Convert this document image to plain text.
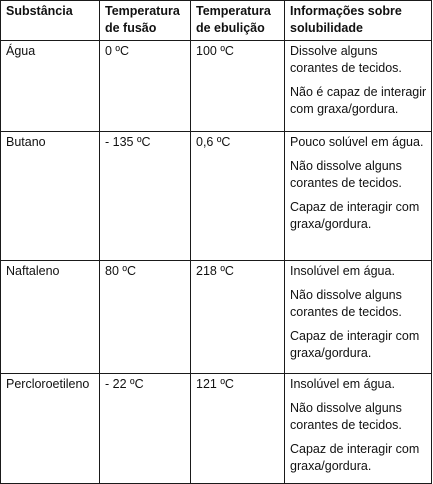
Substância	Temperatura de fusão	Temperatura de ebulição	Informações sobre solubilidade
Água	0 ºC	100 ºC	Dissolve alguns corantes de tecidos.
Não é capaz de interagir com graxa/gordura.

Butano	- 135 ºC	0,6 ºC	Pouco solúvel em água.
Não dissolve alguns corantes de tecidos.
Capaz de interagir com graxa/gordura.

Naftaleno	80 ºC	218 ºC	Insolúvel em água.
Não dissolve alguns corantes de tecidos.
Capaz de interagir com graxa/gordura.

Percloroetileno	- 22 ºC	121 ºC	Insolúvel em água.
Não dissolve alguns corantes de tecidos.
Capaz de interagir com graxa/gordura.
